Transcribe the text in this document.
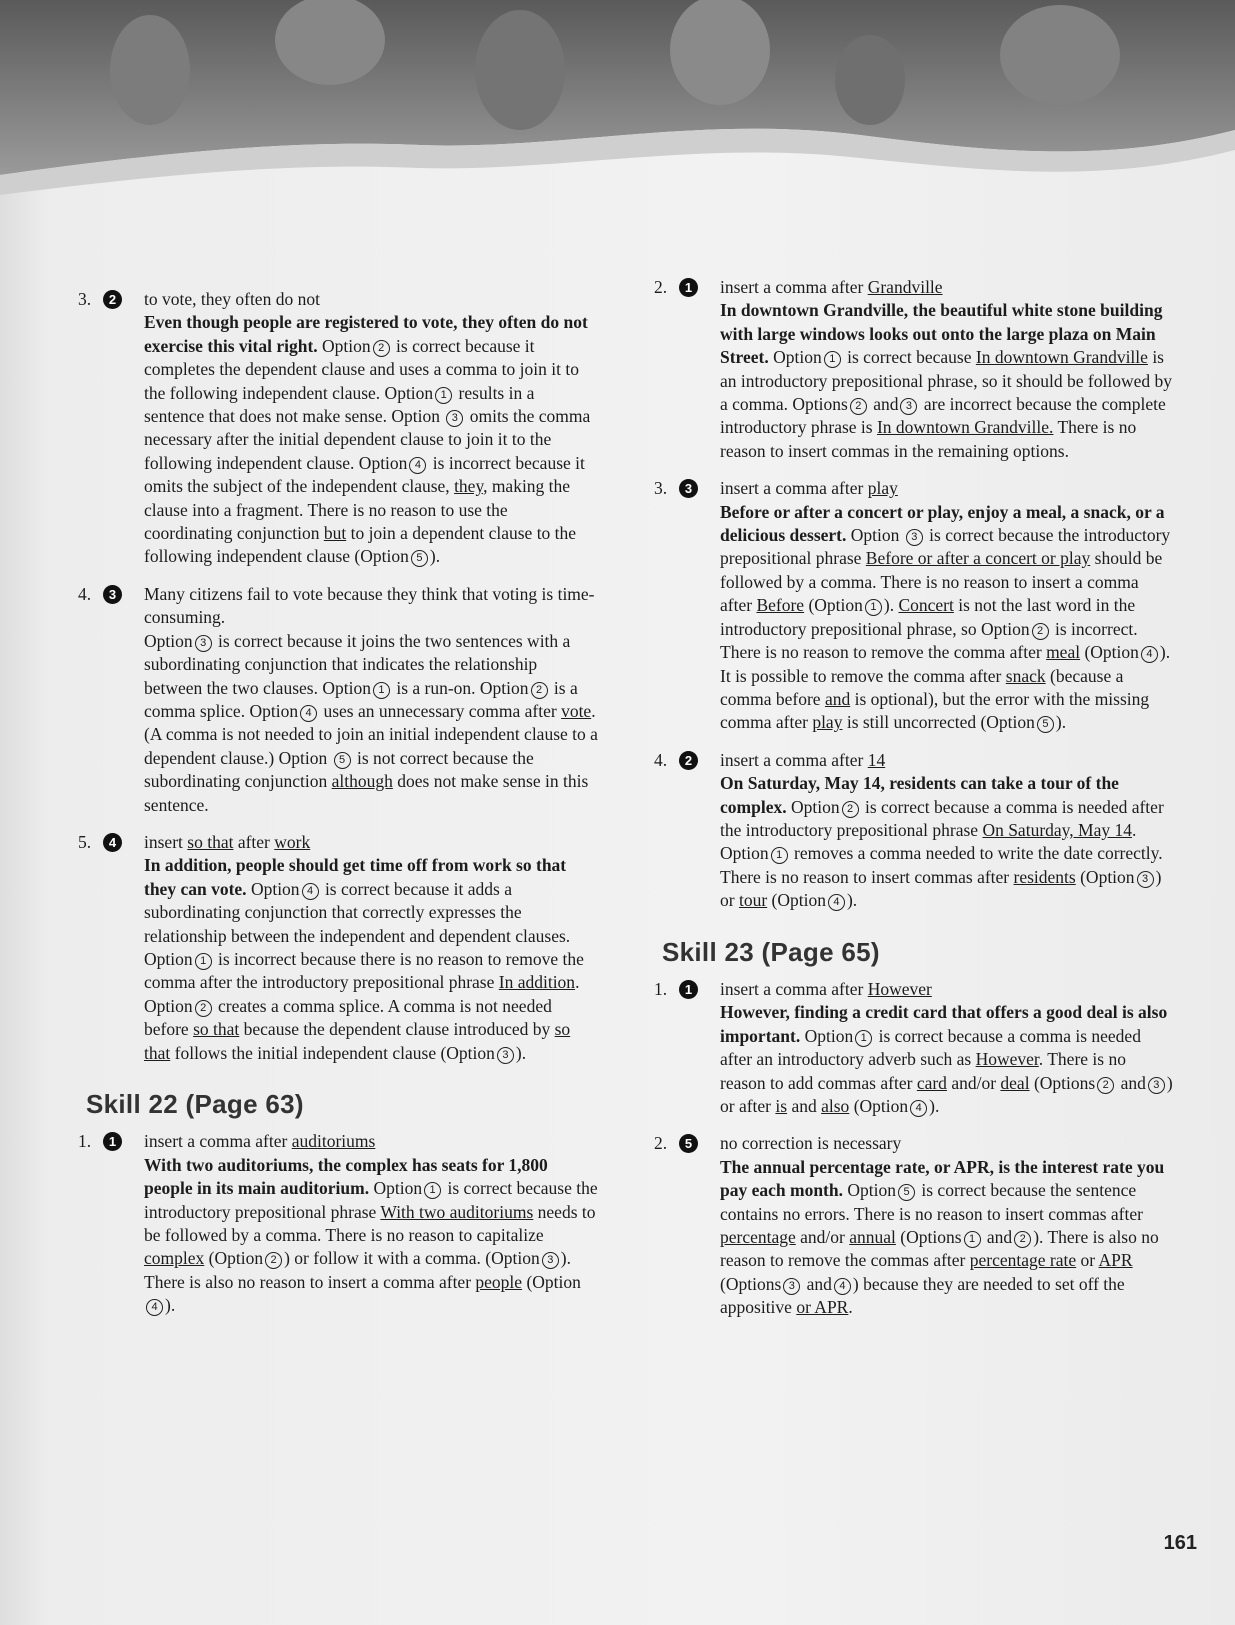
3.	2	to vote, they often do not
Even though people are registered to vote, they often do not exercise this vital right. Option 2 is correct because it completes the dependent clause and uses a comma to join it to the following independent clause. Option 1 results in a sentence that does not make sense. Option 3 omits the comma necessary after the initial dependent clause to join it to the following independent clause. Option 4 is incorrect because it omits the subject of the independent clause, they, making the clause into a fragment. There is no reason to use the coordinating conjunction but to join a dependent clause to the following independent clause (Option 5 ).
4.	3	Many citizens fail to vote because they think that voting is time-consuming.
Option 3 is correct because it joins the two sentences with a subordinating conjunction that indicates the relationship between the two clauses. Option 1 is a run-on. Option 2 is a comma splice. Option 4 uses an unnecessary comma after vote. (A comma is not needed to join an initial independent clause to a dependent clause.) Option 5 is not correct because the subordinating conjunction although does not make sense in this sentence.
5.	4	insert so that after work
In addition, people should get time off from work so that they can vote. Option 4 is correct because it adds a subordinating conjunction that correctly expresses the relationship between the independent and dependent clauses. Option 1 is incorrect because there is no reason to remove the comma after the introductory prepositional phrase In addition. Option 2 creates a comma splice. A comma is not needed before so that because the dependent clause introduced by so that follows the initial independent clause (Option 3 ).
Skill 22 (Page 63)
1.	1	insert a comma after auditoriums
With two auditoriums, the complex has seats for 1,800 people in its main auditorium. Option 1 is correct because the introductory prepositional phrase With two auditoriums needs to be followed by a comma. There is no reason to capitalize complex (Option 2 ) or follow it with a comma. (Option 3 ). There is also no reason to insert a comma after people (Option4 ).
2.	1	insert a comma after Grandville
In downtown Grandville, the beautiful white stone building with large windows looks out onto the large plaza on Main Street. Option 1 is correct because In downtown Grandville is an introductory prepositional phrase, so it should be followed by a comma. Options 2 and 3 are incorrect because the complete introductory phrase is In downtown Grandville. There is no reason to insert commas in the remaining options.
3.	3	insert a comma after play
Before or after a concert or play, enjoy a meal, a snack, or a delicious dessert. Option 3 is correct because the introductory prepositional phrase Before or after a concert or play should be followed by a comma. There is no reason to insert a comma after Before (Option 1 ). Concert is not the last word in the introductory prepositional phrase, so Option 2 is incorrect. There is no reason to remove the comma after meal (Option 4 ). It is possible to remove the comma after snack (because a comma before and is optional), but the error with the missing comma after play is still uncorrected (Option 5 ).
4.	2	insert a comma after 14
On Saturday, May 14, residents can take a tour of the complex. Option 2 is correct because a comma is needed after the introductory prepositional phrase On Saturday, May 14. Option 1 removes a comma needed to write the date correctly. There is no reason to insert commas after residents (Option 3 ) or tour (Option 4 ).
Skill 23 (Page 65)
1.	1	insert a comma after However
However, finding a credit card that offers a good deal is also important. Option 1 is correct because a comma is needed after an introductory adverb such as However. There is no reason to add commas after card and/or deal (Options 2 and 3 ) or after is and also (Option 4 ).
2.	5	no correction is necessary
The annual percentage rate, or APR, is the interest rate you pay each month. Option 5 is correct because the sentence contains no errors. There is no reason to insert commas after percentage and/or annual (Options 1 and 2 ). There is also no reason to remove the commas after percentage rate or APR (Options 3 and 4 ) because they are needed to set off the appositive or APR.
161
